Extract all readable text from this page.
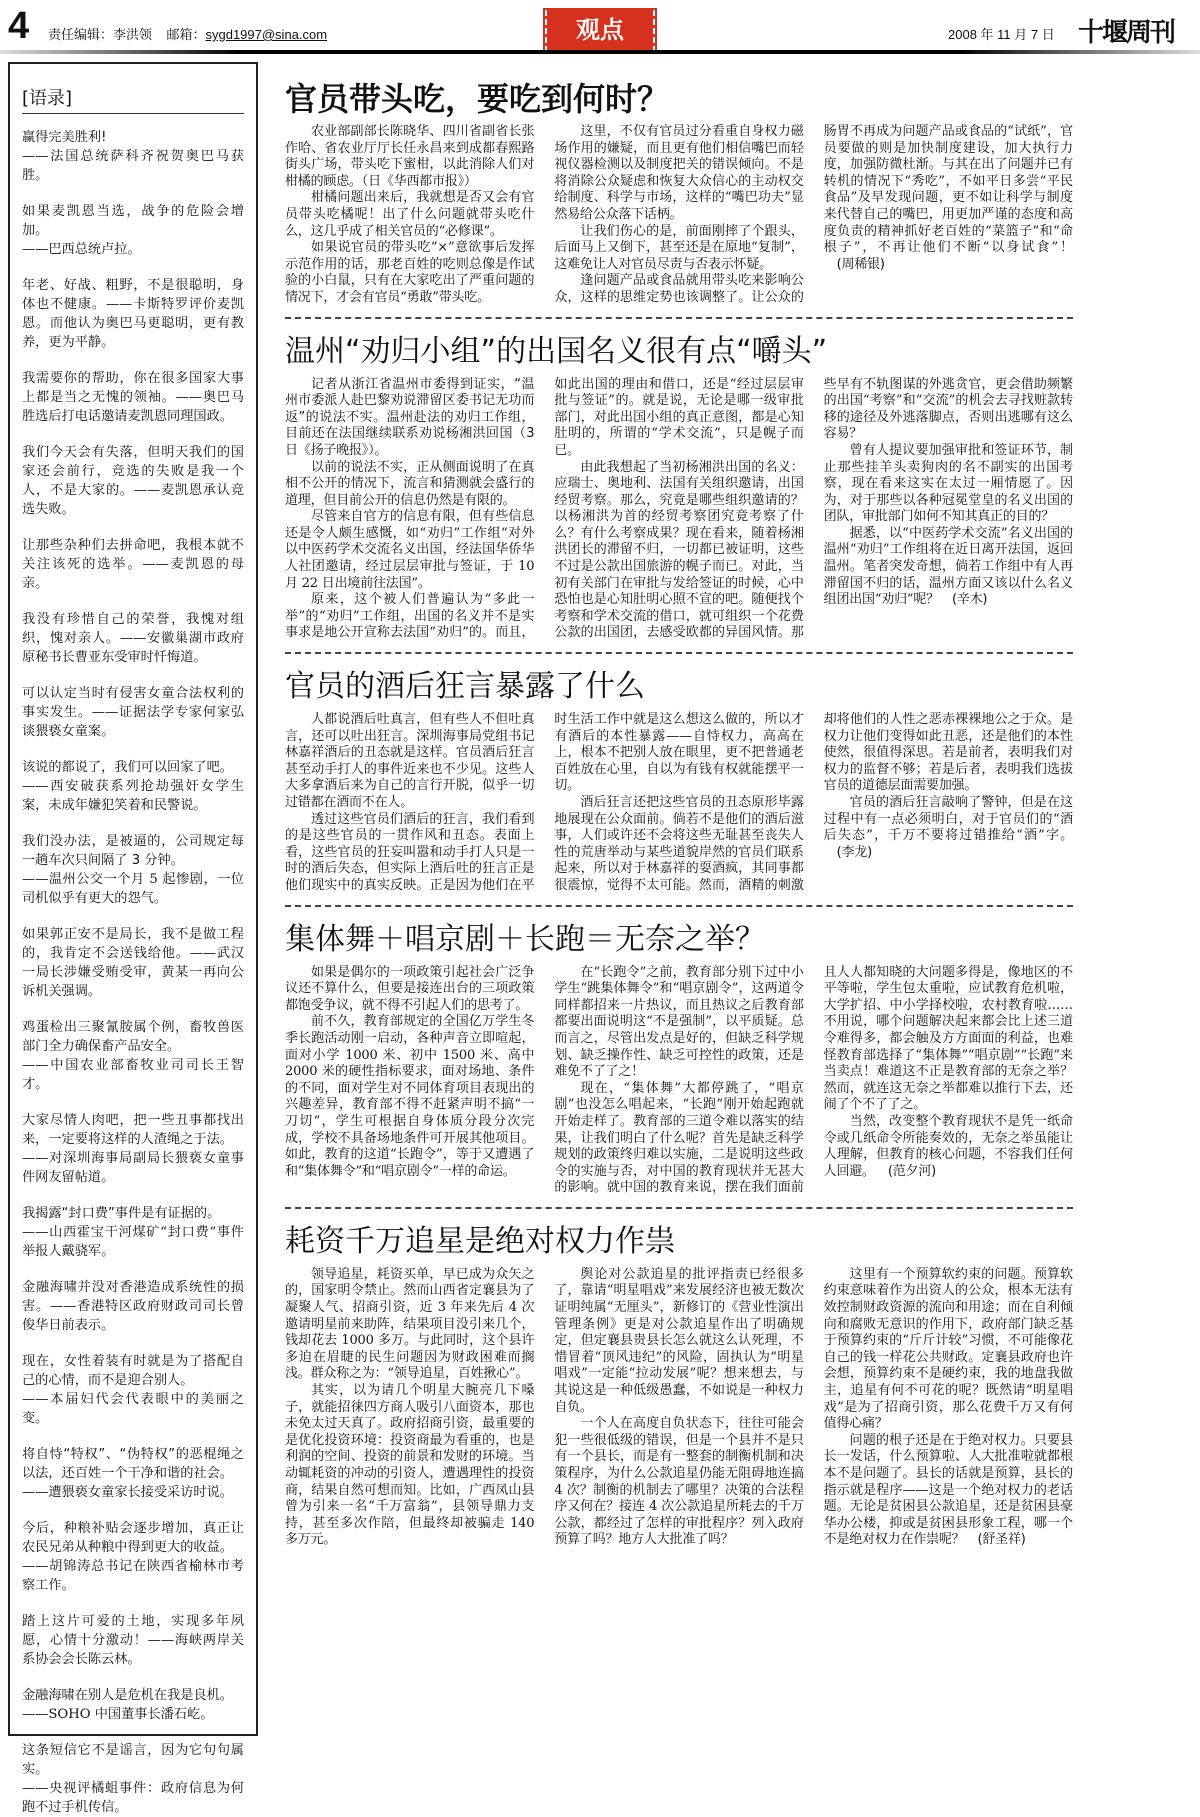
4 责任编辑：李洪领 邮箱：sygd1997@sina.com	观点	2008 年 11 月 7 日 十堰周刊
[语录]
赢得完美胜利!
——法国总统萨科齐祝贺奥巴马获胜。
如果麦凯恩当选，战争的危险会增加。
——巴西总统卢拉。
年老、好战、粗野，不是很聪明，身体也不健康。——卡斯特罗评价麦凯恩。而他认为奥巴马更聪明，更有教养，更为平静。
我需要你的帮助，你在很多国家大事上都是当之无愧的领袖。——奥巴马胜选后打电话邀请麦凯恩同理国政。
我们今天会有失落，但明天我们的国家还会前行，竞选的失败是我一个人，不是大家的。——麦凯恩承认竞选失败。
让那些杂种们去拼命吧，我根本就不关注该死的选举。——麦凯恩的母亲。
我没有珍惜自己的荣誉，我愧对组织，愧对亲人。——安徽巢湖市政府原秘书长曹亚东受审时忏悔道。
可以认定当时有侵害女童合法权利的事实发生。——证据法学专家何家弘谈猥亵女童案。
该说的都说了，我们可以回家了吧。
——西安破获系列抢劫强奸女学生案，未成年嫌犯笑着和民警说。
我们没办法，是被逼的，公司规定每一趟车次只间隔了 3 分钟。
——温州公交一个月 5 起惨剧，一位司机似乎有更大的怨气。
如果郭正安不是局长，我不是做工程的，我肯定不会送钱给他。——武汉一局长涉嫌受贿受审，黄某一再向公诉机关强调。
鸡蛋检出三聚氰胺属个例，畜牧兽医部门全力确保畜产品安全。
——中国农业部畜牧业司司长王智才。
大家尽情人肉吧，把一些丑事都找出来，一定要将这样的人渣绳之于法。
——对深圳海事局副局长猥亵女童事件网友留帖道。
我揭露“封口费”事件是有证据的。
——山西霍宝干河煤矿“封口费”事件举报人戴骁军。
金融海啸并没对香港造成系统性的损害。——香港特区政府财政司司长曾俊华日前表示。
现在，女性着装有时就是为了搭配自己的心情，而不是迎合别人。
——本届妇代会代表眼中的美丽之变。
将自恃“特权”、“伪特权”的恶棍绳之以法，还百姓一个干净和谐的社会。
——遭猥亵女童家长接受采访时说。
今后，种粮补贴会逐步增加，真正让农民兄弟从种粮中得到更大的收益。
——胡锦涛总书记在陕西省榆林市考察工作。
踏上这片可爱的土地，实现多年夙愿，心情十分激动！——海峡两岸关系协会会长陈云林。
金融海啸在别人是危机在我是良机。
——SOHO 中国董事长潘石屹。
这条短信它不是谣言，因为它句句属实。
——央视评橘蛆事件：政府信息为何跑不过手机传信。
官员带头吃，要吃到何时？

农业部副部长陈晓华、四川省副省长张作哈、省农业厅厅长任永昌来到成都春熙路街头广场，带头吃下蜜柑，以此消除人们对柑橘的顾虑。（日《华西都市报》）

柑橘问题出来后，我就想是否又会有官员带头吃橘呢！出了什么问题就带头吃什么，这几乎成了相关官员的“必修课”。

如果说官员的带头吃“×”意欲事后发挥示范作用的话，那老百姓的吃则总像是作试验的小白鼠，只有在大家吃出了严重问题的情况下，才会有官员“勇敢”带头吃。

这里，不仅有官员过分看重自身权力磁场作用的嫌疑，而且更有他们相信嘴巴而轻视仪器检测以及制度把关的错误倾向。不是将消除公众疑虑和恢复大众信心的主动权交给制度、科学与市场，这样的“嘴巴功夫”显然易给公众落下话柄。

让我们伤心的是，前面刚摔了个跟头，后面马上又倒下，甚至还是在原地“复制”，这难免让人对官员尽责与否表示怀疑。

逢问题产品或食品就用带头吃来影响公众，这样的思维定势也该调整了。让公众的肠胃不再成为问题产品或食品的“试纸”，官员要做的则是加快制度建设，加大执行力度，加强防微杜渐。与其在出了问题并已有转机的情况下“秀吃”，不如平日多尝“平民食品”及早发现问题，更不如让科学与制度来代替自己的嘴巴，用更加严谨的态度和高度负责的精神抓好老百姓的“菜篮子”和“命根子”，不再让他们不断“以身试食”！(周稀银)
温州“劝归小组”的出国名义很有点“嚼头”

记者从浙江省温州市委得到证实，“温州市委派人赴巴黎劝说滞留区委书记无功而返”的说法不实。温州赴法的劝归工作组，目前还在法国继续联系劝说杨湘洪回国（3日《扬子晚报》）。

以前的说法不实，正从侧面说明了在真相不公开的情况下，流言和猜测就会盛行的道理，但目前公开的信息仍然是有限的。

尽管来自官方的信息有限，但有些信息还是令人颇生感慨，如“劝归”工作组“对外以中医药学术交流名义出国，经法国华侨华人社团邀请，经过层层审批与签证，于 10 月 22 日出境前往法国”。

原来，这个被人们普遍认为“多此一举”的“劝归”工作组，出国的名义并不是实事求是地公开宣称去法国“劝归”的。而且，如此出国的理由和借口，还是“经过层层审批与签证”的。就是说，无论是哪一级审批部门，对此出国小组的真正意图，都是心知肚明的，所谓的“学术交流”，只是幌子而已。

由此我想起了当初杨湘洪出国的名义：应瑞士、奥地利、法国有关组织邀请，出国经贸考察。那么，究竟是哪些组织邀请的？以杨湘洪为首的经贸考察团究竟考察了什么？有什么考察成果？现在看来，随着杨湘洪团长的滞留不归，一切都已被证明，这些不过是公款出国旅游的幌子而已。对此，当初有关部门在审批与发给签证的时候，心中恐怕也是心知肚明心照不宣的吧。随便找个考察和学术交流的借口，就可组织一个花费公款的出国团，去感受欧都的异国风情。那些早有不轨图谋的外逃贪官，更会借助频繁的出国“考察”和“交流”的机会去寻找赃款转移的途径及外逃落脚点，否则出逃哪有这么容易？

曾有人提议要加强审批和签证环节，制止那些挂羊头卖狗肉的名不副实的出国考察，现在看来这实在太过一厢情愿了。因为，对于那些以各种冠冕堂皇的名义出国的团队，审批部门如何不知其真正的目的？

据悉，以“中医药学术交流”名义出国的温州“劝归”工作组将在近日离开法国，返回温州。笔者突发奇想，倘若工作组中有人再滞留国不归的话，温州方面又该以什么名义组团出国“劝归”呢？ (辛木)
官员的酒后狂言暴露了什么

人都说酒后吐真言，但有些人不但吐真言，还可以吐出狂言。深圳海事局党组书记林嘉祥酒后的丑态就是这样。官员酒后狂言甚至动手打人的事件近来也不少见。这些人大多拿酒后来为自己的言行开脱，似乎一切过错都在酒而不在人。

透过这些官员们酒后的狂言，我们看到的是这些官员的一贯作风和丑态。表面上看，这些官员的狂妄叫嚣和动手打人只是一时的酒后失态，但实际上酒后吐的狂言正是他们现实中的真实反映。正是因为他们在平时生活工作中就是这么想这么做的，所以才有酒后的本性暴露——自恃权力，高高在上，根本不把别人放在眼里，更不把普通老百姓放在心里，自以为有钱有权就能摆平一切。

酒后狂言还把这些官员的丑态原形毕露地展现在公众面前。倘若不是他们的酒后滋事，人们或许还不会将这些无耻甚至丧失人性的荒唐举动与某些道貌岸然的官员们联系起来，所以对于林嘉祥的耍酒疯，其同事都很震惊，觉得不太可能。然而，酒精的刺激却将他们的人性之恶赤裸裸地公之于众。是权力让他们变得如此丑恶，还是他们的本性使然，很值得深思。若是前者，表明我们对权力的监督不够；若是后者，表明我们选拔官员的道德层面需要加强。

官员的酒后狂言敲响了警钟，但是在这过程中有一点必须明白，对于官员们的“酒后失态”，千万不要将过错推给“酒”字。(李龙)
集体舞＋唱京剧＋长跑＝无奈之举？

如果是偶尔的一项政策引起社会广泛争议还不算什么，但要是接连出台的三项政策都饱受争议，就不得不引起人们的思考了。

前不久，教育部规定的全国亿万学生冬季长跑活动刚一启动，各种声音立即喧起，面对小学 1000 米、初中 1500 米、高中 2000 米的硬性指标要求，面对场地、条件的不同，面对学生对不同体育项目表现出的兴趣差异，教育部不得不赶紧声明不搞“一刀切”，学生可根据自身体质分段分次完成，学校不具备场地条件可开展其他项目。如此，教育的这道“长跑令”，等于又遭遇了和“集体舞令”和“唱京剧令”一样的命运。

在“长跑令”之前，教育部分别下过中小学生“跳集体舞令”和“唱京剧令”，这两道令同样都招来一片热议，而且热议之后教育部都要出面说明这“不是强制”，以平质疑。总而言之，尽管出发点是好的，但缺乏科学规划、缺乏操作性、缺乏可控性的政策，还是难免不了了之！

现在，“集体舞”大都停跳了，“唱京剧”也没怎么唱起来，“长跑”刚开始起跑就开始走样了。教育部的三道令难以落实的结果，让我们明白了什么呢？首先是缺乏科学规划的政策终归难以实施，二是说明这些政令的实施与否，对中国的教育现状并无甚大的影响。就中国的教育来说，摆在我们面前且人人都知晓的大问题多得是，像地区的不平等啦，学生包太重啦，应试教育危机啦，大学扩招、中小学择校啦，农村教育啦……不用说，哪个问题解决起来都会比上述三道令难得多，都会触及方方面面的利益，也难怪教育部选择了“集体舞”“唱京剧”“长跑”来当卖点！难道这不正是教育部的无奈之举？然而，就连这无奈之举都难以推行下去，还闹了个不了了之。

当然，改变整个教育现状不是凭一纸命令或几纸命令所能奏效的，无奈之举虽能让人理解，但教育的核心问题，不容我们任何人回避。 (范夕河)
耗资千万追星是绝对权力作祟

领导追星，耗资买单，早已成为众矢之的，国家明令禁止。然而山西省定襄县为了凝聚人气、招商引资，近 3 年来先后 4 次邀请明星前来助阵，结果项目没引来几个，钱却花去 1000 多万。与此同时，这个县许多迫在眉睫的民生问题因为财政困难而搁浅。群众称之为：“领导追星，百姓揪心”。

其实，以为请几个明星大腕亮几下嗓子，就能招徕四方商人吸引八面资本，那也未免太过天真了。政府招商引资，最重要的是优化投资环境：投资商最为看重的，也是利润的空间、投资的前景和发财的环境。当动辄耗资的冲动的引资人，遭遇理性的投资商，结果自然可想而知。比如，广西凤山县曾为引来一名“千万富翁”，县领导鼎力支持，甚至多次作陪，但最终却被骗走 140 多万元。

舆论对公款追星的批评指责已经很多了，靠请“明星唱戏”来发展经济也被无数次证明纯属“无厘头”，新修订的《营业性演出管理条例》更是对公款追星作出了明确规定，但定襄县贵县长怎么就这么认死理，不惜冒着“顶风违纪”的风险，固执认为“明星唱戏”一定能“拉动发展”呢？想来想去，与其说这是一种低级愚蠢，不如说是一种权力自负。

一个人在高度自负状态下，往往可能会犯一些很低级的错误，但是一个县并不是只有一个县长，而是有一整套的制衡机制和决策程序，为什么公款追星仍能无阻碍地连搞 4 次？制衡的机制去了哪里？决策的合法程序又何在？接连 4 次公款追星所耗去的千万公款，都经过了怎样的审批程序？列入政府预算了吗？地方人大批准了吗？

这里有一个预算软约束的问题。预算软约束意味着作为出资人的公众，根本无法有效控制财政资源的流向和用途；而在自利倾向和腐败无意识的作用下，政府部门缺乏基于预算约束的“斤斤计较”习惯，不可能像花自己的钱一样花公共财政。定襄县政府也许会想，预算约束不是硬约束，我的地盘我做主，追星有何不可花的呢？既然请“明星唱戏”是为了招商引资，那么花费千万又有何值得心痛？

问题的根子还是在于绝对权力。只要县长一发话，什么预算啦、人大批准啦就都根本不是问题了。县长的话就是预算，县长的指示就是程序——这是一个绝对权力的老话题。无论是贫困县公款追星，还是贫困县豪华办公楼，抑或是贫困县形象工程，哪一个不是绝对权力在作祟呢？ (舒圣祥)
